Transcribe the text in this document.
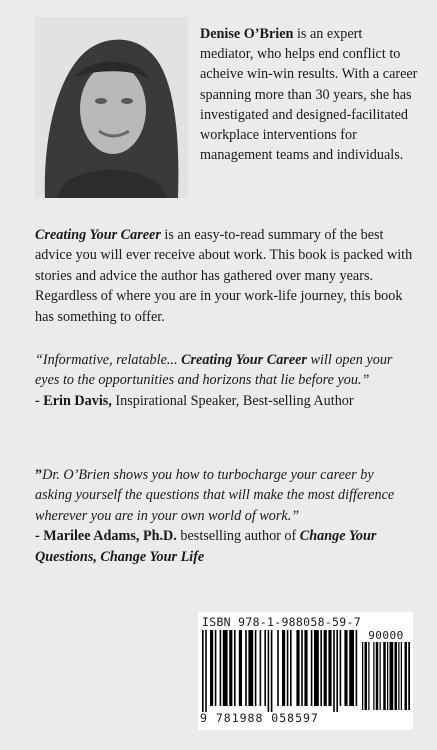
Denise O’Brien is an expert mediator, who helps end conflict to acheive win-win results. With a career spanning more than 30 years, she has investigated and designed-facilitated workplace interventions for management teams and individuals.
Creating Your Career is an easy-to-read summary of the best advice you will ever receive about work. This book is packed with stories and advice the author has gathered over many years. Regardless of where you are in your work-life journey, this book has something to offer.
“Informative, relatable... Creating Your Career will open your eyes to the opportunities and horizons that lie before you.”
- Erin Davis, Inspirational Speaker, Best-selling Author
”Dr. O’Brien shows you how to turbocharge your career by asking yourself the questions that will make the most difference wherever you are in your own world of work.”
- Marilee Adams, Ph.D. bestselling author of Change Your Questions, Change Your Life
ISBN 978-1-988058-59-7
90000
9 781988 058597
